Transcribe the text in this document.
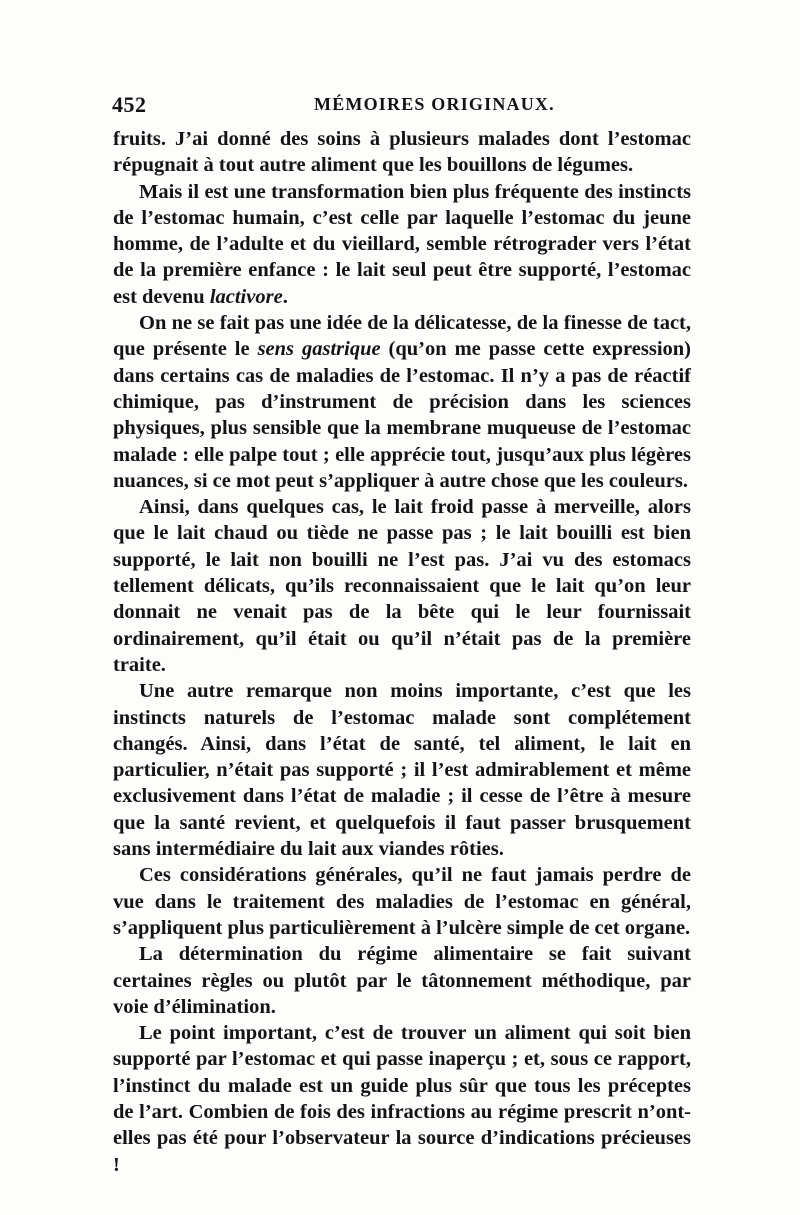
452	MÉMOIRES ORIGINAUX.

fruits. J’ai donné des soins à plusieurs malades dont l’estomac répugnait à tout autre aliment que les bouillons de légumes.

Mais il est une transformation bien plus fréquente des instincts de l’estomac humain, c’est celle par laquelle l’estomac du jeune homme, de l’adulte et du vieillard, semble rétrograder vers l’état de la première enfance : le lait seul peut être supporté, l’estomac est devenu lactivore.

On ne se fait pas une idée de la délicatesse, de la finesse de tact, que présente le sens gastrique (qu’on me passe cette expression) dans certains cas de maladies de l’estomac. Il n’y a pas de réactif chimique, pas d’instrument de précision dans les sciences physiques, plus sensible que la membrane muqueuse de l’estomac malade : elle palpe tout ; elle apprécie tout, jusqu’aux plus légères nuances, si ce mot peut s’appliquer à autre chose que les couleurs.

Ainsi, dans quelques cas, le lait froid passe à merveille, alors que le lait chaud ou tiède ne passe pas ; le lait bouilli est bien supporté, le lait non bouilli ne l’est pas. J’ai vu des estomacs tellement délicats, qu’ils reconnaissaient que le lait qu’on leur donnait ne venait pas de la bête qui le leur fournissait ordinairement, qu’il était ou qu’il n’était pas de la première traite.

Une autre remarque non moins importante, c’est que les instincts naturels de l’estomac malade sont complétement changés. Ainsi, dans l’état de santé, tel aliment, le lait en particulier, n’était pas supporté ; il l’est admirablement et même exclusivement dans l’état de maladie ; il cesse de l’être à mesure que la santé revient, et quelquefois il faut passer brusquement sans intermédiaire du lait aux viandes rôties.

Ces considérations générales, qu’il ne faut jamais perdre de vue dans le traitement des maladies de l’estomac en général, s’appliquent plus particulièrement à l’ulcère simple de cet organe.

La détermination du régime alimentaire se fait suivant certaines règles ou plutôt par le tâtonnement méthodique, par voie d’élimination.

Le point important, c’est de trouver un aliment qui soit bien supporté par l’estomac et qui passe inaperçu ; et, sous ce rapport, l’instinct du malade est un guide plus sûr que tous les préceptes de l’art. Combien de fois des infractions au régime prescrit n’ont-elles pas été pour l’observateur la source d’indications précieuses !
